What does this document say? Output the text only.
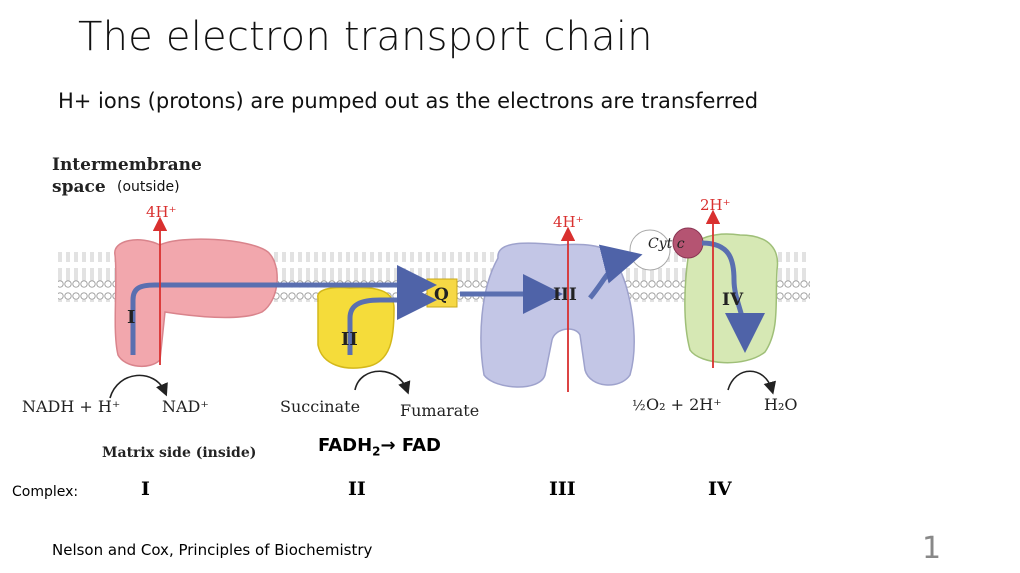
The electron transport chain
H+ ions (protons) are pumped out as the electrons are transferred
Intermembrane
space (outside)
Cyt c
Q
I
II
III	IV
4H⁺
4H⁺
2H⁺
NADH + H⁺	NAD⁺	Succinate Fumarate	½ O₂ + 2H⁺	H₂O
Matrix side (inside)	$FADH_2\to$ FAD
Complex:	I	II	III	IV
Nelson and Cox, Principles of Biochemistry	1
